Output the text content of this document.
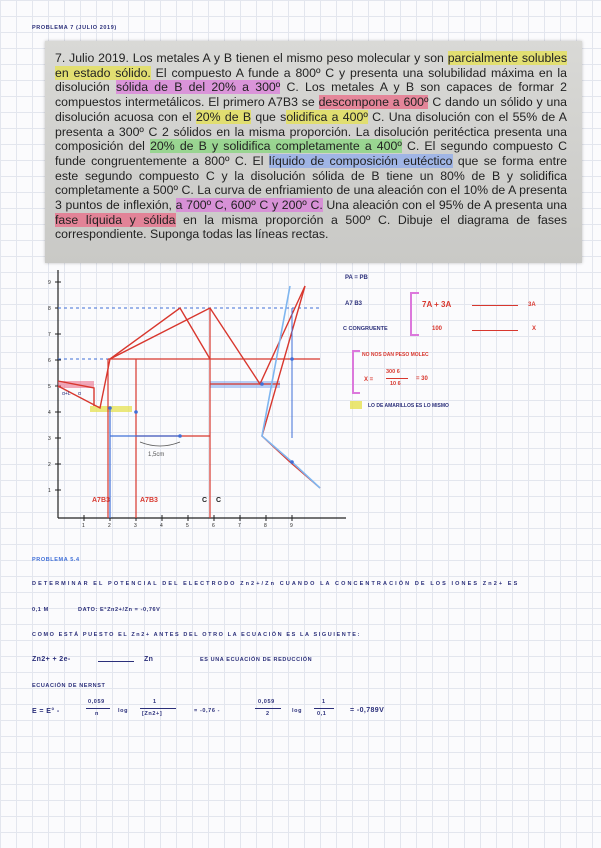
PROBLEMA 7 (JULIO 2019)
7. Julio 2019. Los metales A y B tienen el mismo peso molecular y son parcialmente solubles en estado sólido. El compuesto A funde a 800º C y presenta una solubilidad máxima en la disolución sólida de B del 20% a 300º C. Los metales A y B son capaces de formar 2 compuestos intermetálicos. El primero A7B3 se descompone a 600º C dando un sólido y una disolución acuosa con el 20% de B que solidifica a 400º C. Una disolución con el 55% de A presenta a 300º C 2 sólidos en la misma proporción. La disolución peritéctica presenta una composición del 20% de B y solidifica completamente a 400º C. El segundo compuesto C funde congruentemente a 800º C. El líquido de composición eutéctico que se forma entre este segundo compuesto C y la disolución sólida de B tiene un 80% de B y solidifica completamente a 500º C. La curva de enfriamiento de una aleación con el 10% de A presenta 3 puntos de inflexión, a 700º C, 600º C y 200º C. Una aleación con el 95% de A presenta una fase líquida y sólida en la misma proporción a 500º C. Dibuje el diagrama de fases correspondiente. Suponga todas las líneas rectas.
9
8
7
6
5
4
3
2
1
1	2	3	4	5	6	7	8	9
1,5cm
α+L α
A7B3	A7B3	C C
PA = PB
A7 B3	7A + 3A	3A
C CONGRUENTE	100	X
NO NOS DAN PESO MOLEC
X =
300 6
10 6
= 30
LO DE AMARILLOS ES LO MISMO
PROBLEMA 5.4
DETERMINAR EL POTENCIAL DEL ELECTRODO Zn2+/Zn CUANDO LA CONCENTRACIÓN DE LOS IONES Zn2+ ES
0,1 M	DATO: E°Zn2+/Zn = -0,76V
COMO ESTÁ PUESTO EL Zn2+ ANTES DEL OTRO LA ECUACIÓN ES LA SIGUIENTE:
Zn2+ + 2e-	Zn	ES UNA ECUACIÓN DE REDUCCIÓN
ECUACIÓN DE NERNST
E = E° -
0,059
n	log
1
[Zn2+]	= -0,76 -
0,059
2	log
1
0,1	= -0,789V
